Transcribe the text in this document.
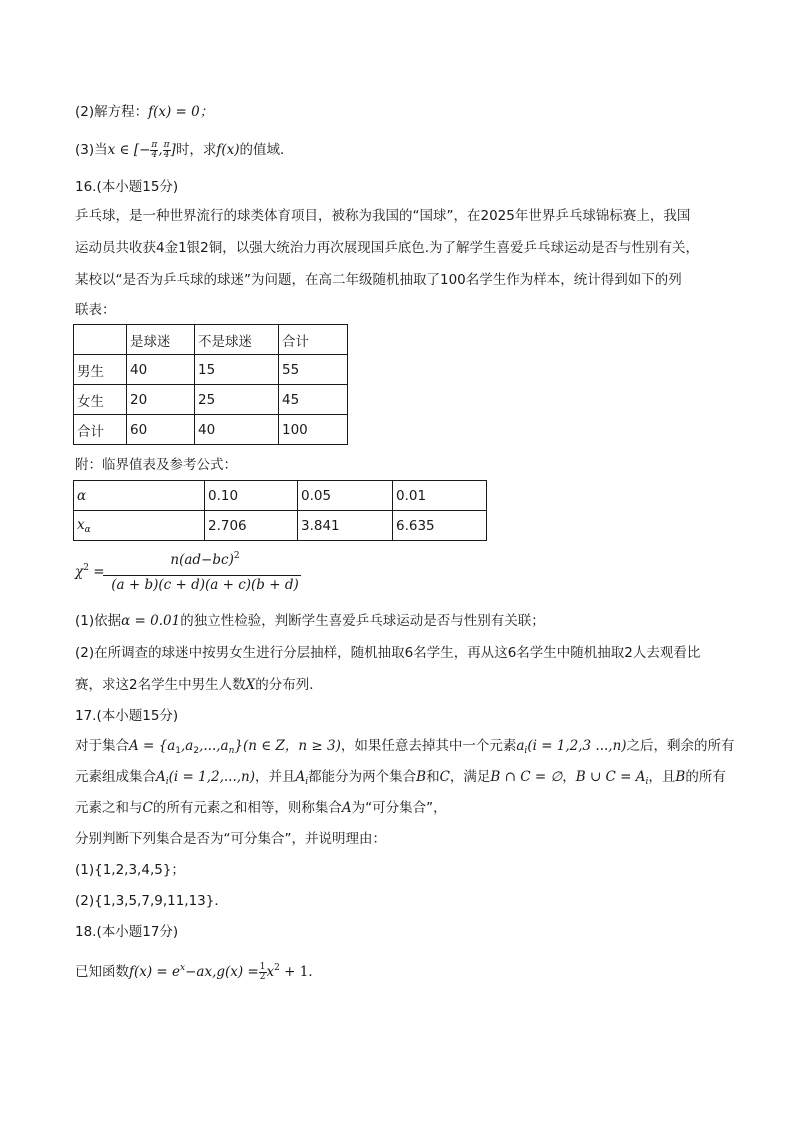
(2)解方程：f(x) = 0；
(3)当x ∈ [− $\frac{\pi}{4}$ , $\frac{\pi}{4}$ ]时，求f(x)的值域．
16.(本小题15分)
乒乓球，是一种世界流行的球类体育项目，被称为我国的“国球”，在2025年世界乒乓球锦标赛上，我国
运动员共收获4金1银2铜，以强大统治力再次展现国乒底色.为了解学生喜爱乒乓球运动是否与性别有关，
某校以“是否为乒乓球的球迷”为问题，在高二年级随机抽取了100名学生作为样本，统计得到如下的列
联表：
	是球迷	不是球迷	合计
男生	40	15	55
女生	20	25	45
合计	60	40	100
附：临界值表及参考公式：
α	0.10	0.05	0.01
$x_\alpha$	2.706	3.841	6.635
$\chi^2$ =
$n(ad-bc)^2$
(a + b)(c + d)(a + c)(b + d)
(1)依据α = 0.01的独立性检验，判断学生喜爱乒乓球运动是否与性别有关联；
(2)在所调查的球迷中按男女生进行分层抽样，随机抽取6名学生，再从这6名学生中随机抽取2人去观看比
赛，求这2名学生中男生人数X的分布列．
17.(本小题15分)
对于集合$A = \{a_1,a_2,...,a_n\}(n$ ∈ Z，n ≥ 3)，如果任意去掉其中一个元素$a_i(i = 1,2,3$ ...,n)之后，剩余的所有
元素组成集合$A_i(i = 1,2,...,n)$，并且$A_i$都能分为两个集合B和C，满足B ∩ C = ∅，B ∪ $C = A_i$，且B的所有
元素之和与C的所有元素之和相等，则称集合A为“可分集合”，
分别判断下列集合是否为“可分集合”，并说明理由：
(1){1,2,3,4,5}；
(2){1,3,5,7,9,11,13}．
18.(本小题17分)
已知函数$f(x) = e^x-ax,g(x) = \frac{1}{2} x^2 + 1$．
